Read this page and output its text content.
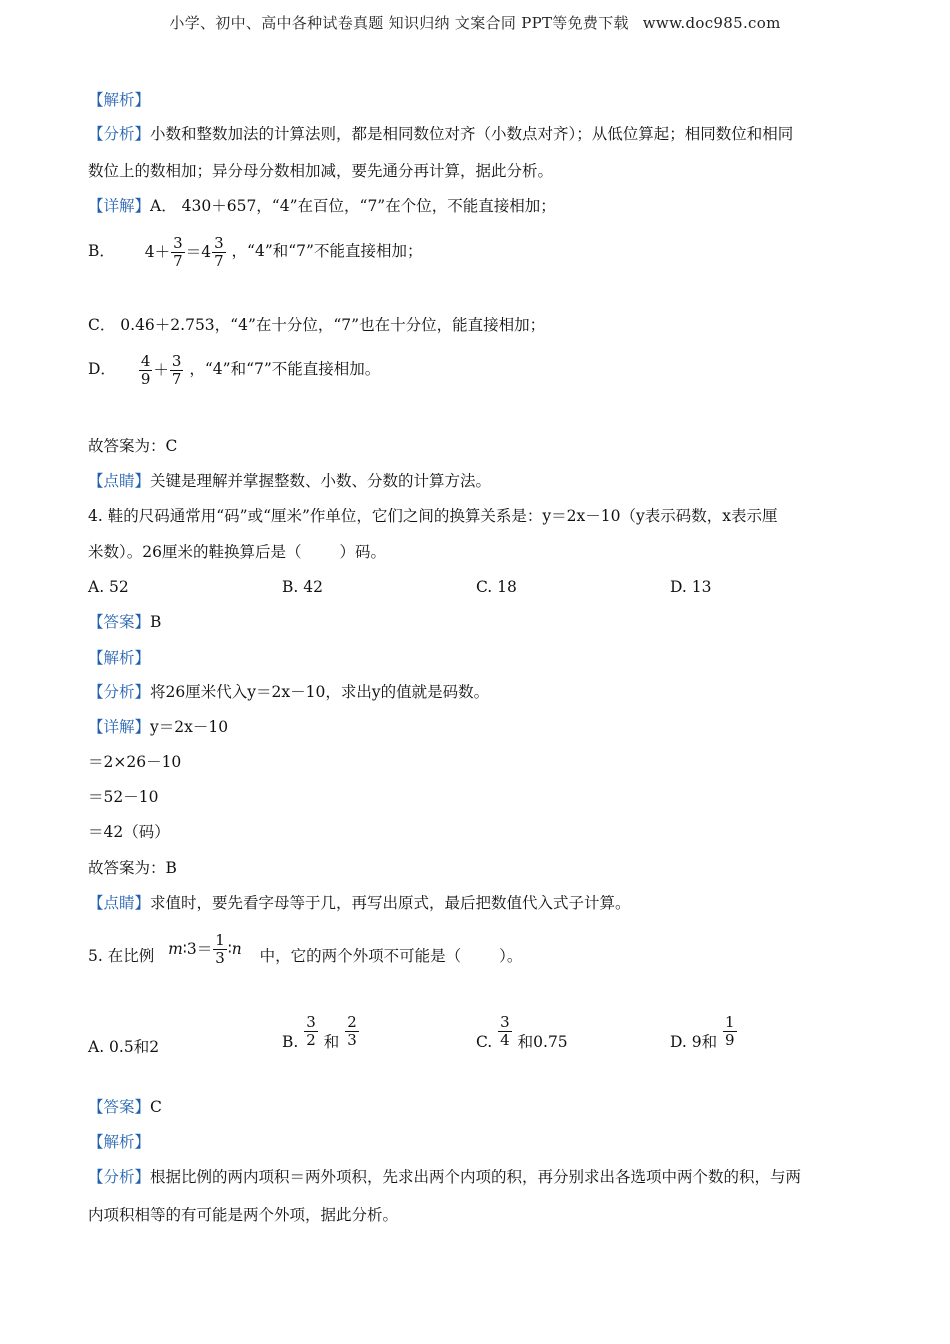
小学、初中、高中各种试卷真题 知识归纳 文案合同 PPT等免费下载 www.doc985.com
【解析】
【分析】小数和整数加法的计算法则，都是相同数位对齐（小数点对齐）；从低位算起；相同数位和相同
数位上的数相加；异分母分数相加减，要先通分再计算，据此分析。
【详解】A． 430＋657，“4”在百位，“7”在个位，不能直接相加；
B． $4+ \frac{3}{7} =4 \frac{3}{7}$ ，“4”和“7”不能直接相加；
C． 0.46＋2.753，“4”在十分位，“7”也在十分位，能直接相加；
D． $\frac{4}{9} + \frac{3}{7}$ ，“4”和“7”不能直接相加。
故答案为：C
【点睛】关键是理解并掌握整数、小数、分数的计算方法。
4. 鞋的尺码通常用“码”或“厘米”作单位，它们之间的换算关系是：y＝2x－10（y表示码数，x表示厘
米数）。26厘米的鞋换算后是（ ）码。
A. 52	B. 42	C. 18	D. 13
【答案】B
【解析】
【分析】将26厘米代入y＝2x－10，求出y的值就是码数。
【详解】y＝2x－10
＝2×26－10
＝52－10
＝42（码）
故答案为：B
【点睛】求值时，要先看字母等于几，再写出原式，最后把数值代入式子计算。
5. 在比例 m ∶3＝ $\frac{1}{3}$ ∶ n 中，它的两个外项不可能是（ ）。
A. 0.5和2	B. $\frac{3}{2}$ 和 $\frac{2}{3}$	C. $\frac{3}{4}$ 和0.75	D. 9和 $\frac{1}{9}$
【答案】C
【解析】
【分析】根据比例的两内项积＝两外项积，先求出两个内项的积，再分别求出各选项中两个数的积，与两
内项积相等的有可能是两个外项，据此分析。
